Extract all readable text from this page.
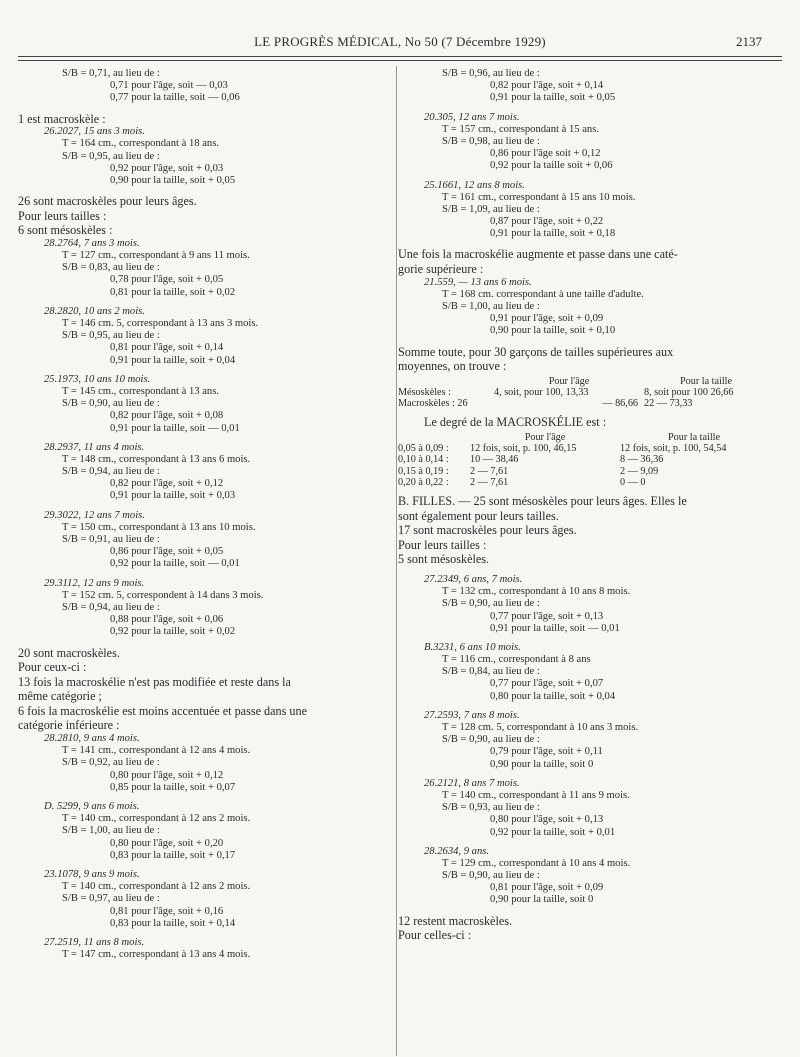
LE PROGRÈS MÉDICAL, No 50 (7 Décembre 1929)	2137
S/B = 0,71, au lieu de :
0,71 pour l'âge, soit — 0,03
0,77 pour la taille, soit — 0,06
1 est macroskèle :
26.2027, 15 ans 3 mois.
T = 164 cm., correspondant à 18 ans.
S/B = 0,95, au lieu de :
0,92 pour l'âge, soit + 0,03
0,90 pour la taille, soit + 0,05
26 sont macroskèles pour leurs âges.
Pour leurs tailles :
6 sont mésoskèles :
28.2764, 7 ans 3 mois.
T = 127 cm., correspondant à 9 ans 11 mois.
S/B = 0,83, au lieu de :
0,78 pour l'âge, soit + 0,05
0,81 pour la taille, soit + 0,02
28.2820, 10 ans 2 mois.
T = 146 cm. 5, correspondant à 13 ans 3 mois.
S/B = 0,95, au lieu de :
0,81 pour l'âge, soit + 0,14
0,91 pour la taille, soit + 0,04
25.1973, 10 ans 10 mois.
T = 145 cm., correspondant à 13 ans.
S/B = 0,90, au lieu de :
0,82 pour l'âge, soit + 0,08
0,91 pour la taille, soit — 0,01
28.2937, 11 ans 4 mois.
T = 148 cm., correspondant à 13 ans 6 mois.
S/B = 0,94, au lieu de :
0,82 pour l'âge, soit + 0,12
0,91 pour la taille, soit + 0,03
29.3022, 12 ans 7 mois.
T = 150 cm., correspondant à 13 ans 10 mois.
S/B = 0,91, au lieu de :
0,86 pour l'âge, soit + 0,05
0,92 pour la taille, soit — 0,01
29.3112, 12 ans 9 mois.
T = 152 cm. 5, correspondent à 14 dans 3 mois.
S/B = 0,94, au lieu de :
0,88 pour l'âge, soit + 0,06
0,92 pour la taille, soit + 0,02
20 sont macroskèles.
Pour ceux-ci :
13 fois la macroskélie n'est pas modifiée et reste dans la
même catégorie ;
6 fois la macroskélie est moins accentuée et passe dans une
catégorie inférieure :
28.2810, 9 ans 4 mois.
T = 141 cm., correspondant à 12 ans 4 mois.
S/B = 0,92, au lieu de :
0,80 pour l'âge, soit + 0,12
0,85 pour la taille, soit + 0,07
D. 5299, 9 ans 6 mois.
T = 140 cm., correspondant à 12 ans 2 mois.
S/B = 1,00, au lieu de :
0,80 pour l'âge, soit + 0,20
0,83 pour la taille, soit + 0,17
23.1078, 9 ans 9 mois.
T = 140 cm., correspondant à 12 ans 2 mois.
S/B = 0,97, au lieu de :
0,81 pour l'âge, soit + 0,16
0,83 pour la taille, soit + 0,14
27.2519, 11 ans 8 mois.
T = 147 cm., correspondant à 13 ans 4 mois.
S/B = 0,96, au lieu de :
0,82 pour l'âge, soit + 0,14
0,91 pour la taille, soit + 0,05
20.305, 12 ans 7 mois.
T = 157 cm., correspondant à 15 ans.
S/B = 0,98, au lieu de :
0,86 pour l'âge soit + 0,12
0,92 pour la taille soit + 0,06
25.1661, 12 ans 8 mois.
T = 161 cm., correspondant à 15 ans 10 mois.
S/B = 1,09, au lieu de :
0,87 pour l'âge, soit + 0,22
0,91 pour la taille, soit + 0,18
Une fois la macroskélie augmente et passe dans une caté-
gorie supérieure :
21.559, — 13 ans 6 mois.
T = 168 cm. correspondant à une taille d'adulte.
S/B = 1,00, au lieu de :
0,91 pour l'âge, soit + 0,09
0,90 pour la taille, soit + 0,10
Somme toute, pour 30 garçons de tailles supérieures aux
moyennes, on trouve :
	Pour l'âge	Pour la taille
Mésoskèles :	4, soit, pour 100, 13,33	8, soit pour 100 26,66
Macroskèles : 26	— 86,66	22 — 73,33
Le degré de la MACROSKÉLIE est :
	Pour l'âge	Pour la taille
0,05 à 0,09 :	12 fois, soit, p. 100, 46,15	12 fois, soit, p. 100, 54,54
0,10 à 0,14 :	10 — 38,46	8 — 36,36
0,15 à 0,19 :	2 — 7,61	2 — 9,09
0,20 à 0,22 :	2 — 7,61	0 — 0
B. FILLES. — 25 sont mésoskèles pour leurs âges. Elles le
sont également pour leurs tailles.
17 sont macroskèles pour leurs âges.
Pour leurs tailles :
5 sont mésoskèles.
27.2349, 6 ans, 7 mois.
T = 132 cm., correspondant à 10 ans 8 mois.
S/B = 0,90, au lieu de :
0,77 pour l'âge, soit + 0,13
0,91 pour la taille, soit — 0,01
B.3231, 6 ans 10 mois.
T = 116 cm., correspondant à 8 ans
S/B = 0,84, au lieu de :
0,77 pour l'âge, soit + 0,07
0,80 pour la taille, soit + 0,04
27.2593, 7 ans 8 mois.
T = 128 cm. 5, correspondant à 10 ans 3 mois.
S/B = 0,90, au lieu de :
0,79 pour l'âge, soit + 0,11
0,90 pour la taille, soit 0
26.2121, 8 ans 7 mois.
T = 140 cm., correspondant à 11 ans 9 mois.
S/B = 0,93, au lieu de :
0,80 pour l'âge, soit + 0,13
0,92 pour la taille, soit + 0,01
28.2634, 9 ans.
T = 129 cm., correspondant à 10 ans 4 mois.
S/B = 0,90, au lieu de :
0,81 pour l'âge, soit + 0,09
0,90 pour la taille, soit 0
12 restent macroskèles.
Pour celles-ci :
